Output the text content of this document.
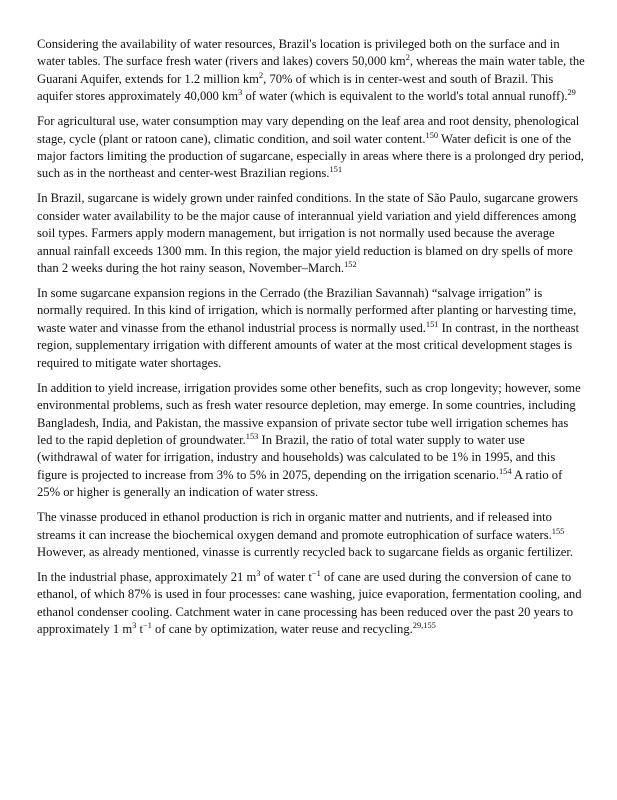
Considering the availability of water resources, Brazil's location is privileged both on the surface and in water tables. The surface fresh water (rivers and lakes) covers 50,000 $km^2$, whereas the main water table, the Guarani Aquifer, extends for 1.2 million $km^2$, 70% of which is in center-west and south of Brazil. This aquifer stores approximately 40,000 $km^3$ of water (which is equivalent to the world's total annual runoff).$^{29}$

For agricultural use, water consumption may vary depending on the leaf area and root density, phenological stage, cycle (plant or ratoon cane), climatic condition, and soil water content.$^{150}$ Water deficit is one of the major factors limiting the production of sugarcane, especially in areas where there is a prolonged dry period, such as in the northeast and center-west Brazilian regions.$^{151}$

In Brazil, sugarcane is widely grown under rainfed conditions. In the state of São Paulo, sugarcane growers consider water availability to be the major cause of interannual yield variation and yield differences among soil types. Farmers apply modern management, but irrigation is not normally used because the average annual rainfall exceeds 1300 mm. In this region, the major yield reduction is blamed on dry spells of more than 2 weeks during the hot rainy season, November–March.$^{152}$

In some sugarcane expansion regions in the Cerrado (the Brazilian Savannah) “salvage irrigation” is normally required. In this kind of irrigation, which is normally performed after planting or harvesting time, waste water and vinasse from the ethanol industrial process is normally used.$^{151}$ In contrast, in the northeast region, supplementary irrigation with different amounts of water at the most critical development stages is required to mitigate water shortages.

In addition to yield increase, irrigation provides some other benefits, such as crop longevity; however, some environmental problems, such as fresh water resource depletion, may emerge. In some countries, including Bangladesh, India, and Pakistan, the massive expansion of private sector tube well irrigation schemes has led to the rapid depletion of groundwater.$^{153}$ In Brazil, the ratio of total water supply to water use (withdrawal of water for irrigation, industry and households) was calculated to be 1% in 1995, and this figure is projected to increase from 3% to 5% in 2075, depending on the irrigation scenario.$^{154}$ A ratio of 25% or higher is generally an indication of water stress.

The vinasse produced in ethanol production is rich in organic matter and nutrients, and if released into streams it can increase the biochemical oxygen demand and promote eutrophication of surface waters.$^{155}$ However, as already mentioned, vinasse is currently recycled back to sugarcane fields as organic fertilizer.

In the industrial phase, approximately 21 $m^3$ of water $t^{-1}$ of cane are used during the conversion of cane to ethanol, of which 87% is used in four processes: cane washing, juice evaporation, fermentation cooling, and ethanol condenser cooling. Catchment water in cane processing has been reduced over the past 20 years to approximately 1 $m^3$ $t^{-1}$ of cane by optimization, water reuse and recycling.$^{29,155}$
